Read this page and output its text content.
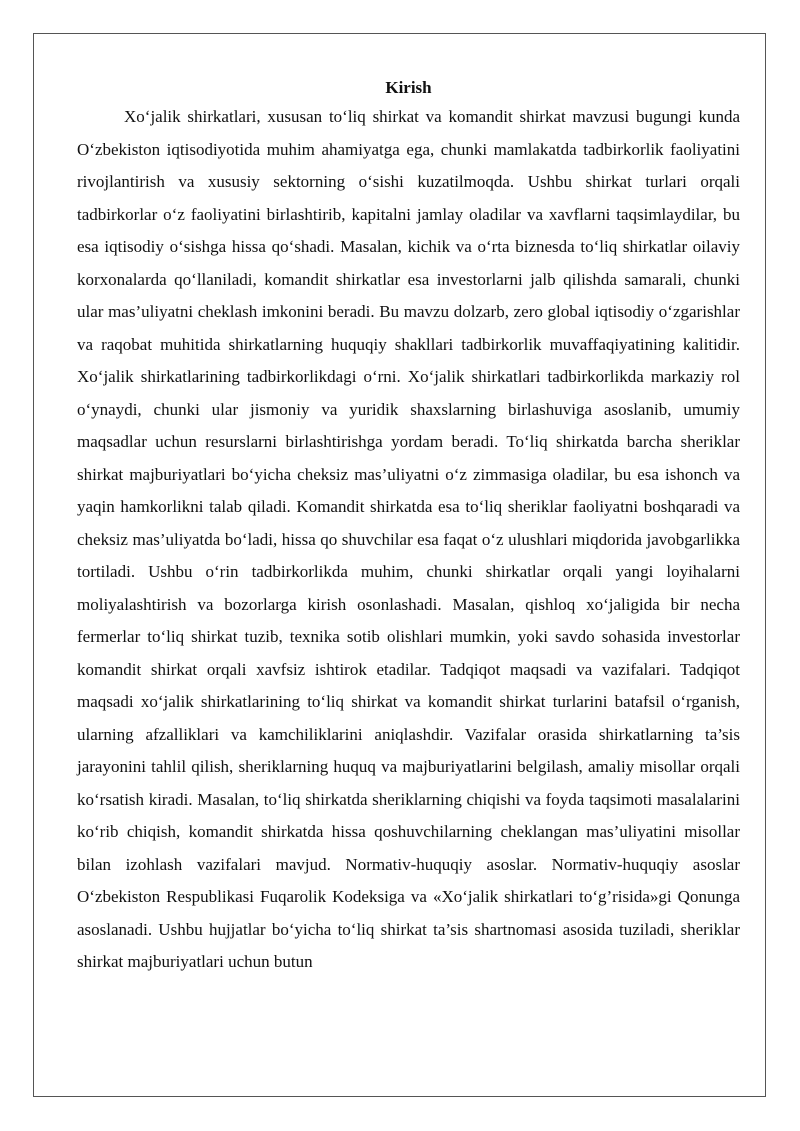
Kirish

Xo‘jalik shirkatlari, xususan to‘liq shirkat va komandit shirkat mavzusi bugungi kunda O‘zbekiston iqtisodiyotida muhim ahamiyatga ega, chunki mamlakatda tadbirkorlik faoliyatini rivojlantirish va xususiy sektorning o‘sishi kuzatilmoqda. Ushbu shirkat turlari orqali tadbirkorlar o‘z faoliyatini birlashtirib, kapitalni jamlay oladilar va xavflarni taqsimlaydilar, bu esa iqtisodiy o‘sishga hissa qo‘shadi. Masalan, kichik va o‘rta biznesda to‘liq shirkatlar oilaviy korxonalarda qo‘llaniladi, komandit shirkatlar esa investorlarni jalb qilishda samarali, chunki ular mas’uliyatni cheklash imkonini beradi. Bu mavzu dolzarb, zero global iqtisodiy o‘zgarishlar va raqobat muhitida shirkatlarning huquqiy shakllari tadbirkorlik muvaffaqiyatining kalitidir. Xo‘jalik shirkatlarining tadbirkorlikdagi o‘rni. Xo‘jalik shirkatlari tadbirkorlikda markaziy rol o‘ynaydi, chunki ular jismoniy va yuridik shaxslarning birlashuviga asoslanib, umumiy maqsadlar uchun resurslarni birlashtirishga yordam beradi. To‘liq shirkatda barcha sheriklar shirkat majburiyatlari bo‘yicha cheksiz mas’uliyatni o‘z zimmasiga oladilar, bu esa ishonch va yaqin hamkorlikni talab qiladi. Komandit shirkatda esa to‘liq sheriklar faoliyatni boshqaradi va cheksiz mas’uliyatda bo‘ladi, hissa qo shuvchilar esa faqat o‘z ulushlari miqdorida javobgarlikka tortiladi. Ushbu o‘rin tadbirkorlikda muhim, chunki shirkatlar orqali yangi loyihalarni moliyalashtirish va bozorlarga kirish osonlashadi. Masalan, qishloq xo‘jaligida bir necha fermerlar to‘liq shirkat tuzib, texnika sotib olishlari mumkin, yoki savdo sohasida investorlar komandit shirkat orqali xavfsiz ishtirok etadilar. Tadqiqot maqsadi va vazifalari. Tadqiqot maqsadi xo‘jalik shirkatlarining to‘liq shirkat va komandit shirkat turlarini batafsil o‘rganish, ularning afzalliklari va kamchiliklarini aniqlashdir. Vazifalar orasida shirkatlarning ta’sis jarayonini tahlil qilish, sheriklarning huquq va majburiyatlarini belgilash, amaliy misollar orqali ko‘rsatish kiradi. Masalan, to‘liq shirkatda sheriklarning chiqishi va foyda taqsimoti masalalarini ko‘rib chiqish, komandit shirkatda hissa qoshuvchilarning cheklangan mas’uliyatini misollar bilan izohlash vazifalari mavjud. Normativ-huquqiy asoslar. Normativ-huquqiy asoslar O‘zbekiston Respublikasi Fuqarolik Kodeksiga va «Xo‘jalik shirkatlari to‘g’risida»gi Qonunga asoslanadi. Ushbu hujjatlar bo‘yicha to‘liq shirkat ta’sis shartnomasi asosida tuziladi, sheriklar shirkat majburiyatlari uchun butun
